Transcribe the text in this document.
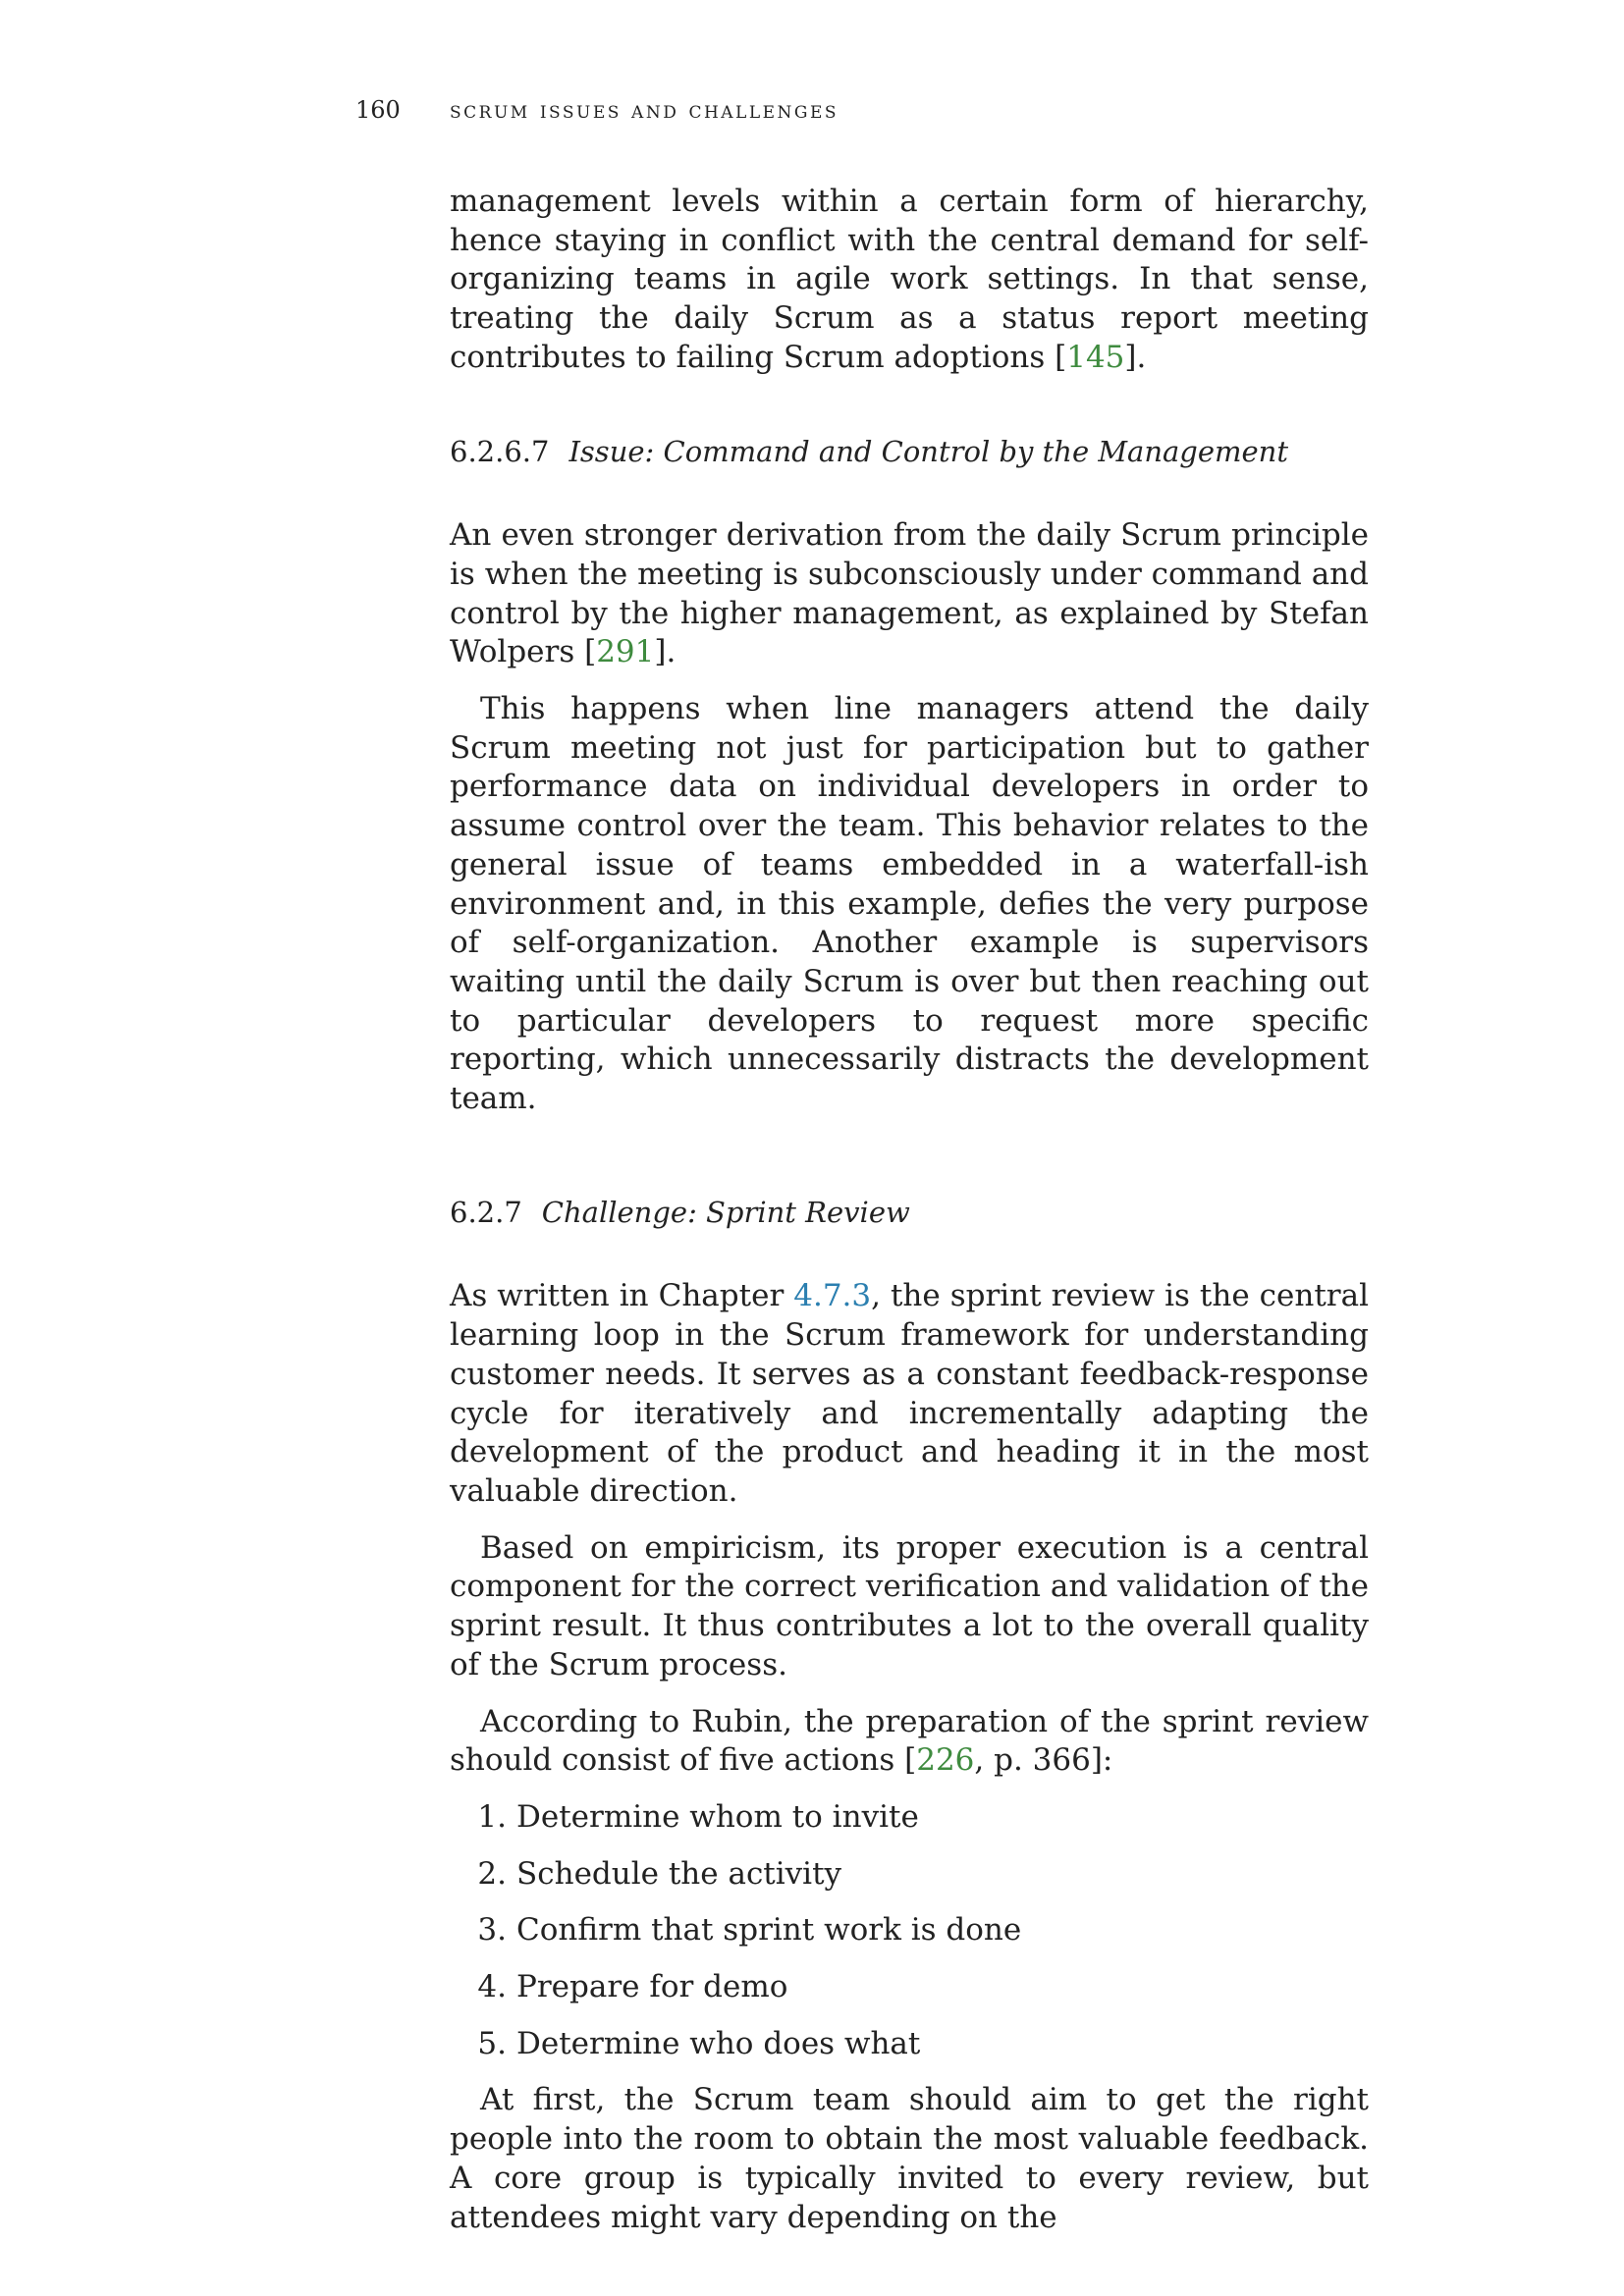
160	scrum issues and challenges

management levels within a certain form of hierarchy, hence staying in conflict with the central demand for self-organizing teams in agile work settings. In that sense, treating the daily Scrum as a status report meeting contributes to failing Scrum adoptions [145].

6.2.6.7 Issue: Command and Control by the Management

An even stronger derivation from the daily Scrum principle is when the meeting is subconsciously under command and control by the higher management, as explained by Stefan Wolpers [291].

This happens when line managers attend the daily Scrum meeting not just for participation but to gather performance data on individual developers in order to assume control over the team. This behavior relates to the general issue of teams embedded in a waterfall-ish environment and, in this example, defies the very purpose of self-organization. Another example is supervisors waiting until the daily Scrum is over but then reaching out to particular developers to request more specific reporting, which unnecessarily distracts the development team.

6.2.7 Challenge: Sprint Review

As written in Chapter 4.7.3, the sprint review is the central learning loop in the Scrum framework for understanding customer needs. It serves as a constant feedback-response cycle for iteratively and incrementally adapting the development of the product and heading it in the most valuable direction.

Based on empiricism, its proper execution is a central component for the correct verification and validation of the sprint result. It thus contributes a lot to the overall quality of the Scrum process.

According to Rubin, the preparation of the sprint review should consist of five actions [226, p. 366]:

1. Determine whom to invite
2. Schedule the activity
3. Confirm that sprint work is done
4. Prepare for demo
5. Determine who does what

At first, the Scrum team should aim to get the right people into the room to obtain the most valuable feedback. A core group is typically invited to every review, but attendees might vary depending on the
